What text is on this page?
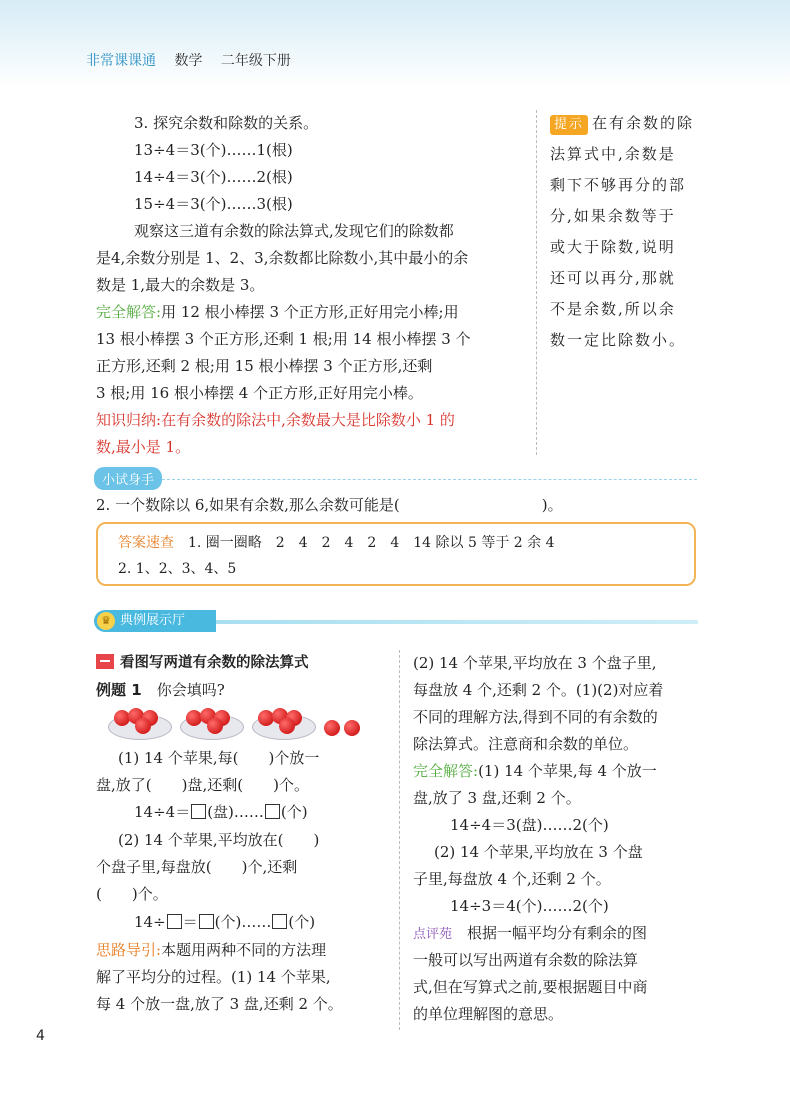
非常课课通 数学 二年级下册
3. 探究余数和除数的关系。
13÷4＝3(个)……1(根)
14÷4＝3(个)……2(根)
15÷4＝3(个)……3(根)
观察这三道有余数的除法算式,发现它们的除数都
是4,余数分别是 1、2、3,余数都比除数小,其中最小的余
数是 1,最大的余数是 3。
完全解答:用 12 根小棒摆 3 个正方形,正好用完小棒;用
13 根小棒摆 3 个正方形,还剩 1 根;用 14 根小棒摆 3 个
正方形,还剩 2 根;用 15 根小棒摆 3 个正方形,还剩
3 根;用 16 根小棒摆 4 个正方形,正好用完小棒。
知识归纳:在有余数的除法中,余数最大是比除数小 1 的
数,最小是 1。
提示 在有余数的除
法算式中,余数是
剩下不够再分的部
分,如果余数等于
或大于除数,说明
还可以再分,那就
不是余数,所以余
数一定比除数小。
小试身手
2. 一个数除以 6,如果有余数,那么余数可能是(	)。
答案速查　 1. 圈一圈略　2　4　2　4　2　4　14 除以 5 等于 2 余 4
2. 1、2、3、4、5
典例展示厅
♛
看图写两道有余数的除法算式
例题 1　 你会填吗?
(1) 14 个苹果,每(　　)个放一
盘,放了(　　)盘,还剩(　　)个。
14÷4＝ (盘)…… (个)
(2) 14 个苹果,平均放在(　　)
个盘子里,每盘放(　　)个,还剩
(　　)个。
14÷ ＝ (个)…… (个)
思路导引:本题用两种不同的方法理
解了平均分的过程。(1) 14 个苹果,
每 4 个放一盘,放了 3 盘,还剩 2 个。
(2) 14 个苹果,平均放在 3 个盘子里,
每盘放 4 个,还剩 2 个。(1)(2)对应着
不同的理解方法,得到不同的有余数的
除法算式。注意商和余数的单位。
完全解答:(1) 14 个苹果,每 4 个放一
盘,放了 3 盘,还剩 2 个。
14÷4＝3(盘)……2(个)
(2) 14 个苹果,平均放在 3 个盘
子里,每盘放 4 个,还剩 2 个。
14÷3＝4(个)……2(个)
点评苑　 根据一幅平均分有剩余的图
一般可以写出两道有余数的除法算
式,但在写算式之前,要根据题目中商
的单位理解图的意思。
4
